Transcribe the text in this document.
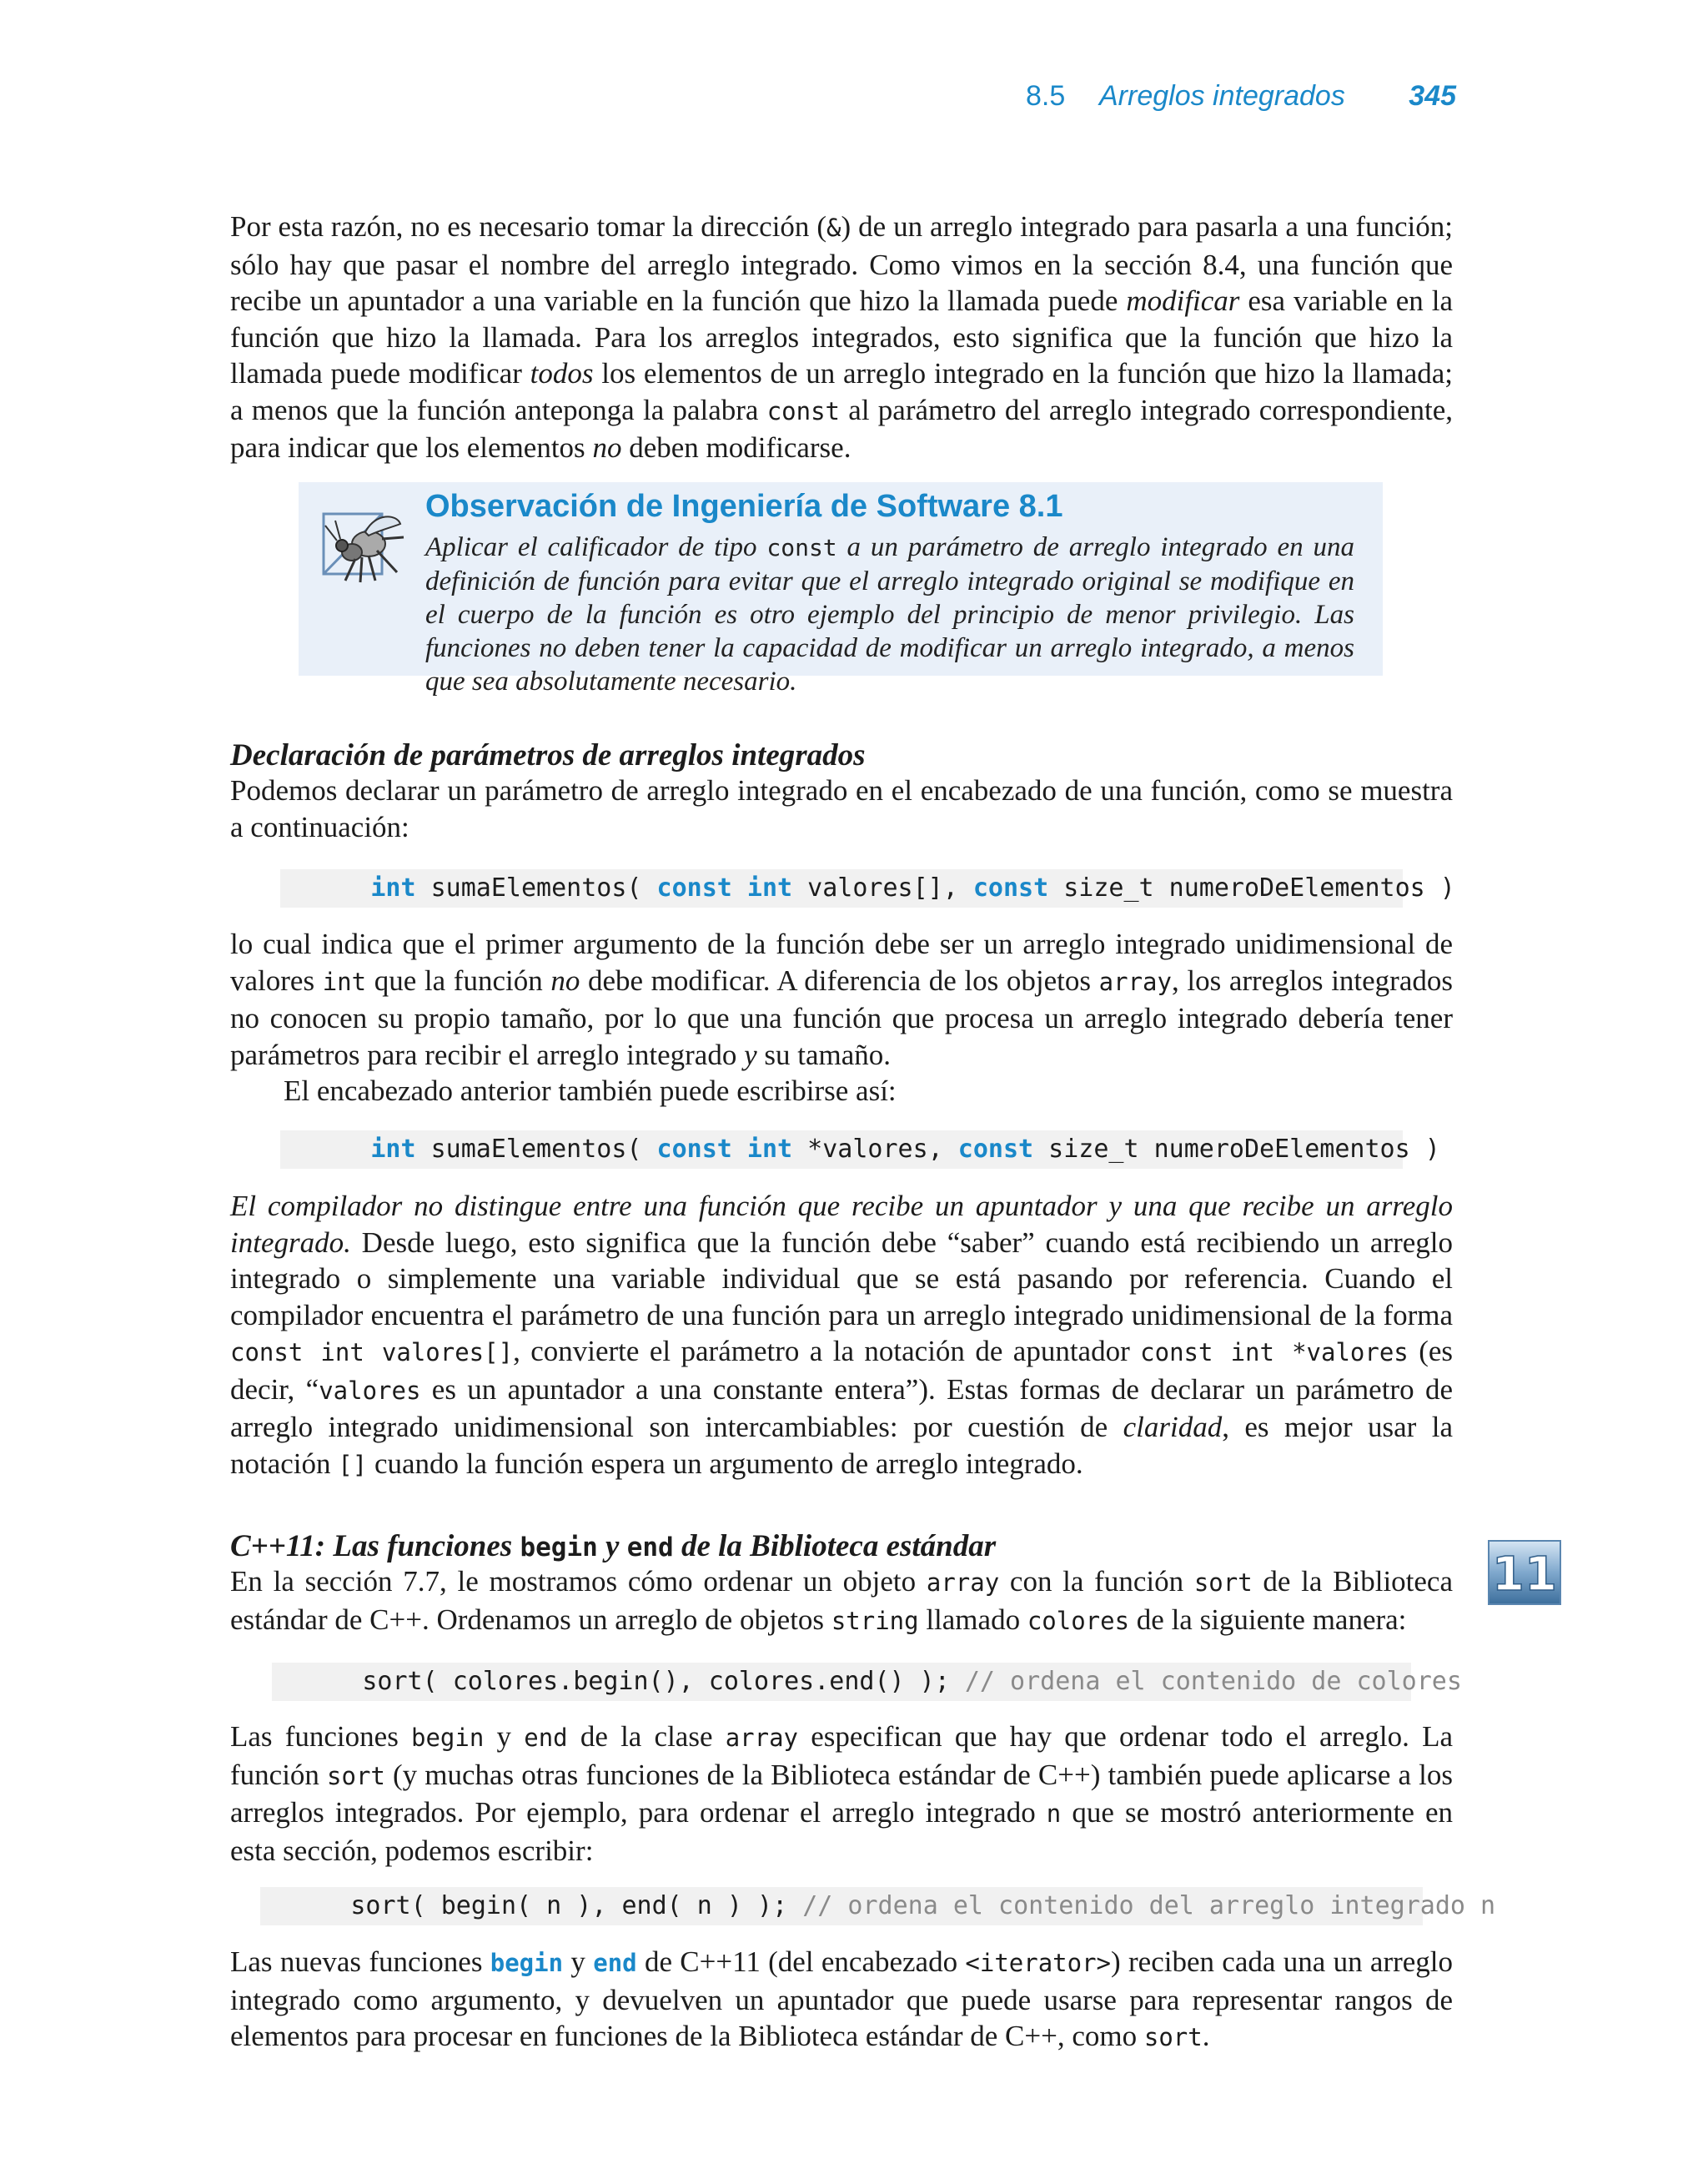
8.5 Arreglos integrados 345
Por esta razón, no es necesario tomar la dirección (&) de un arreglo integrado para pasarla a una función; sólo hay que pasar el nombre del arreglo integrado. Como vimos en la sección 8.4, una función que recibe un apuntador a una variable en la función que hizo la llamada puede modificar esa variable en la función que hizo la llamada. Para los arreglos integrados, esto significa que la función que hizo la llamada puede modificar todos los elementos de un arreglo integrado en la función que hizo la llamada; a menos que la función anteponga la palabra const al parámetro del arreglo integrado correspondiente, para indicar que los elementos no deben modificarse.
Observación de Ingeniería de Software 8.1
Aplicar el calificador de tipo const a un parámetro de arreglo integrado en una definición de función para evitar que el arreglo integrado original se modifique en el cuerpo de la función es otro ejemplo del principio de menor privilegio. Las funciones no deben tener la capacidad de modificar un arreglo integrado, a menos que sea absolutamente necesario.
Declaración de parámetros de arreglos integrados
Podemos declarar un parámetro de arreglo integrado en el encabezado de una función, como se muestra a continuación:
int sumaElementos( const int valores[], const size_t numeroDeElementos )
lo cual indica que el primer argumento de la función debe ser un arreglo integrado unidimensional de valores int que la función no debe modificar. A diferencia de los objetos array, los arreglos integrados no conocen su propio tamaño, por lo que una función que procesa un arreglo integrado debería tener parámetros para recibir el arreglo integrado y su tamaño.
El encabezado anterior también puede escribirse así:
int sumaElementos( const int *valores, const size_t numeroDeElementos )
El compilador no distingue entre una función que recibe un apuntador y una que recibe un arreglo integrado. Desde luego, esto significa que la función debe “saber” cuando está recibiendo un arreglo integrado o simplemente una variable individual que se está pasando por referencia. Cuando el compilador encuentra el parámetro de una función para un arreglo integrado unidimensional de la forma const int valores[], convierte el parámetro a la notación de apuntador const int *valores (es decir, “valores es un apuntador a una constante entera”). Estas formas de declarar un parámetro de arreglo integrado unidimensional son intercambiables: por cuestión de claridad, es mejor usar la notación [] cuando la función espera un argumento de arreglo integrado.
C++11: Las funciones begin y end de la Biblioteca estándar
11
En la sección 7.7, le mostramos cómo ordenar un objeto array con la función sort de la Biblioteca estándar de C++. Ordenamos un arreglo de objetos string llamado colores de la siguiente manera:
sort( colores.begin(), colores.end() ); // ordena el contenido de colores
Las funciones begin y end de la clase array especifican que hay que ordenar todo el arreglo. La función sort (y muchas otras funciones de la Biblioteca estándar de C++) también puede aplicarse a los arreglos integrados. Por ejemplo, para ordenar el arreglo integrado n que se mostró anteriormente en esta sección, podemos escribir:
sort( begin( n ), end( n ) ); // ordena el contenido del arreglo integrado n
Las nuevas funciones begin y end de C++11 (del encabezado <iterator>) reciben cada una un arreglo integrado como argumento, y devuelven un apuntador que puede usarse para representar rangos de elementos para procesar en funciones de la Biblioteca estándar de C++, como sort.
